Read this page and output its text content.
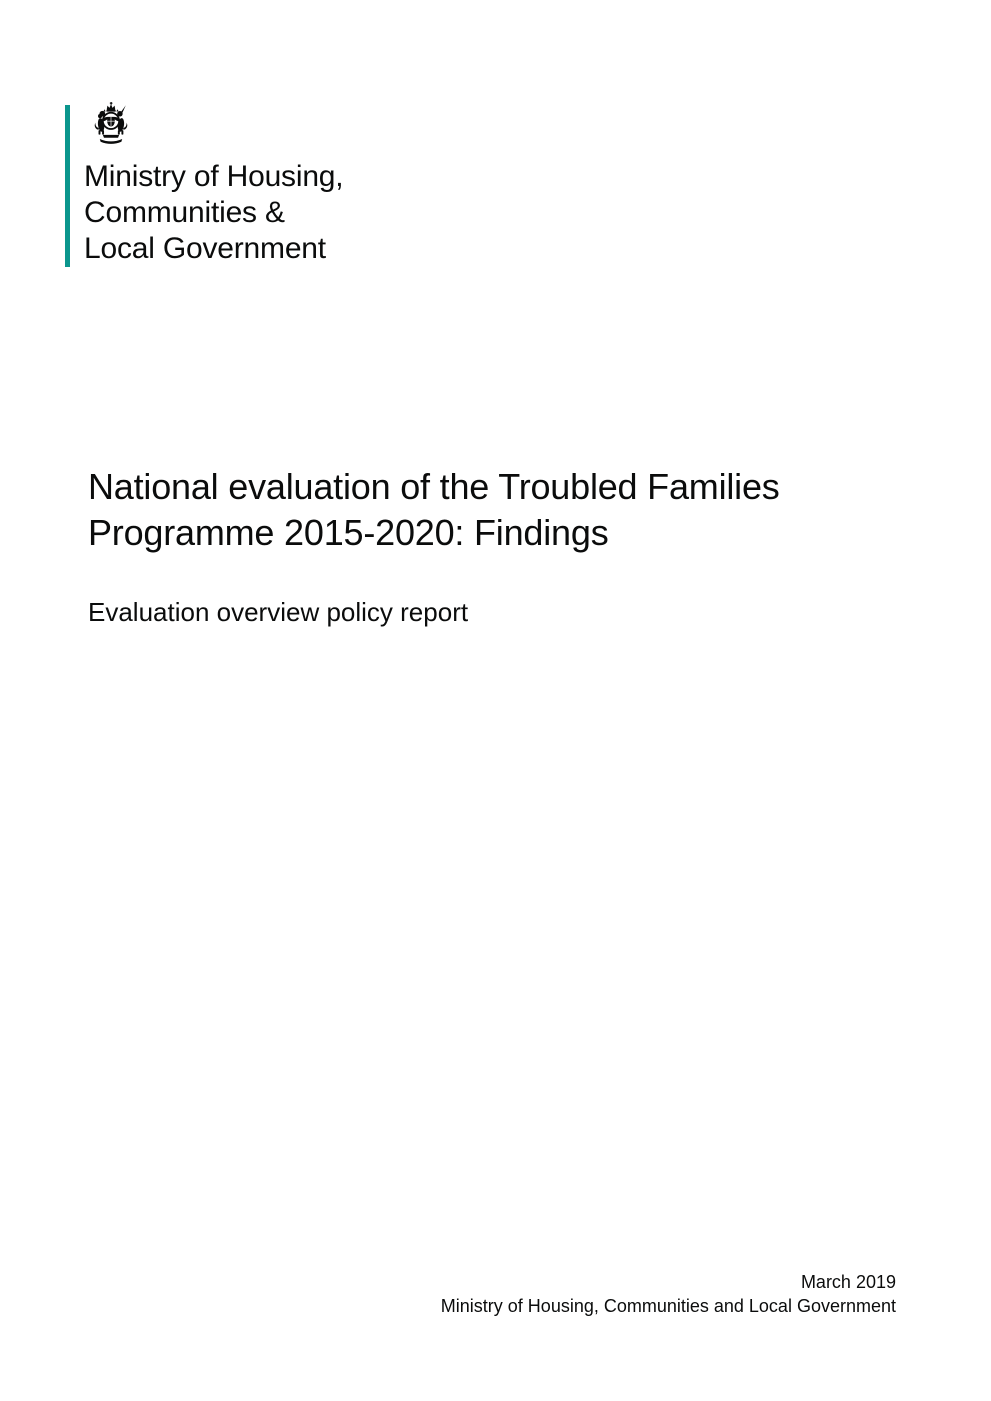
Ministry of Housing,
Communities &
Local Government
National evaluation of the Troubled Families Programme 2015-2020: Findings

Evaluation overview policy report

March 2019
Ministry of Housing, Communities and Local Government
